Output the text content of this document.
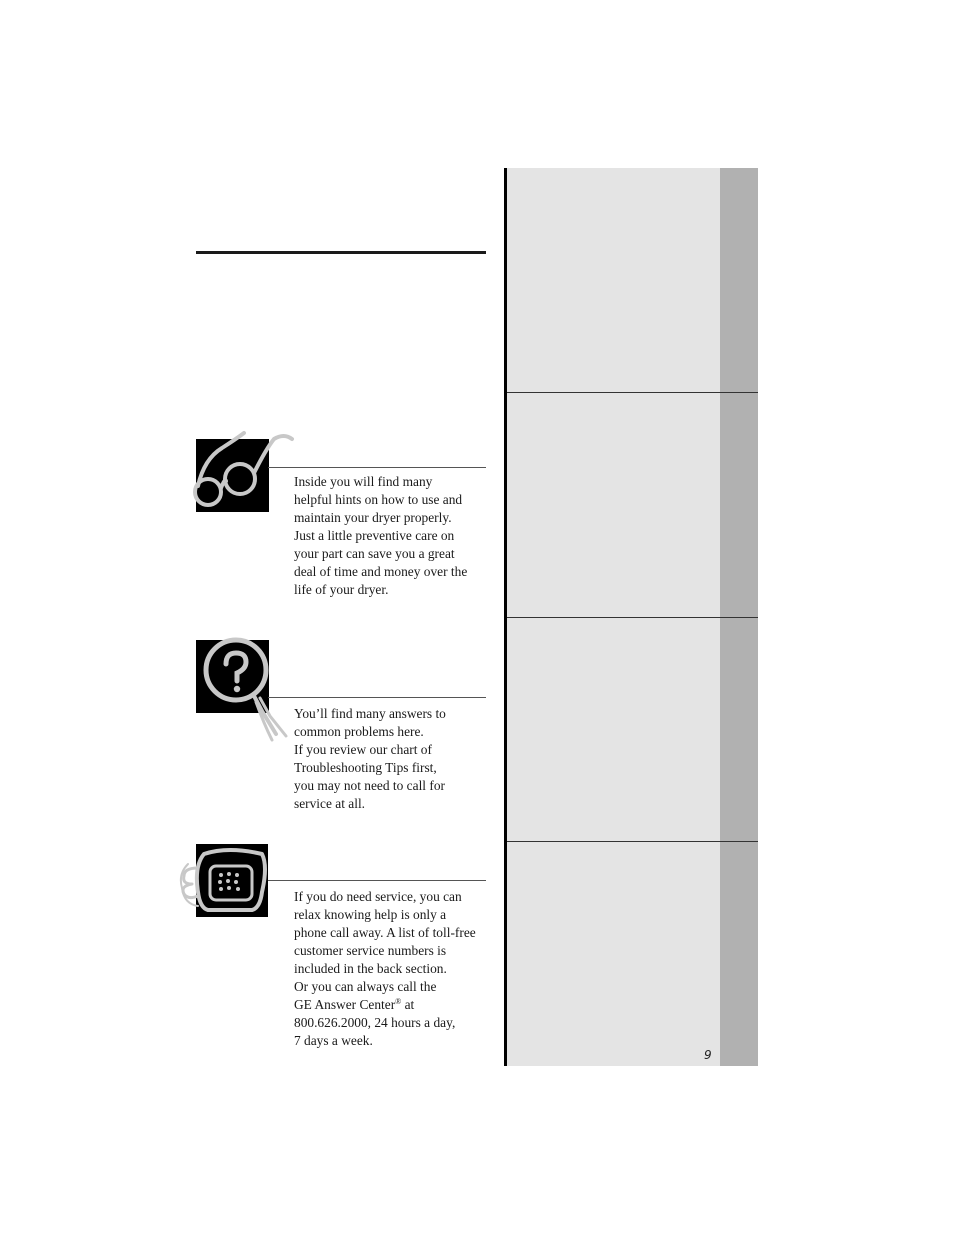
Inside you will find many
helpful hints on how to use and
maintain your dryer properly.
Just a little preventive care on
your part can save you a great
deal of time and money over the
life of your dryer.

You’ll find many answers to
common problems here.
If you review our chart of
Troubleshooting Tips first,
you may not need to call for
service at all.

If you do need service, you can
relax knowing help is only a
phone call away. A list of toll-free
customer service numbers is
included in the back section.
Or you can always call the
GE Answer Center® at
800.626.2000, 24 hours a day,
7 days a week.

9
